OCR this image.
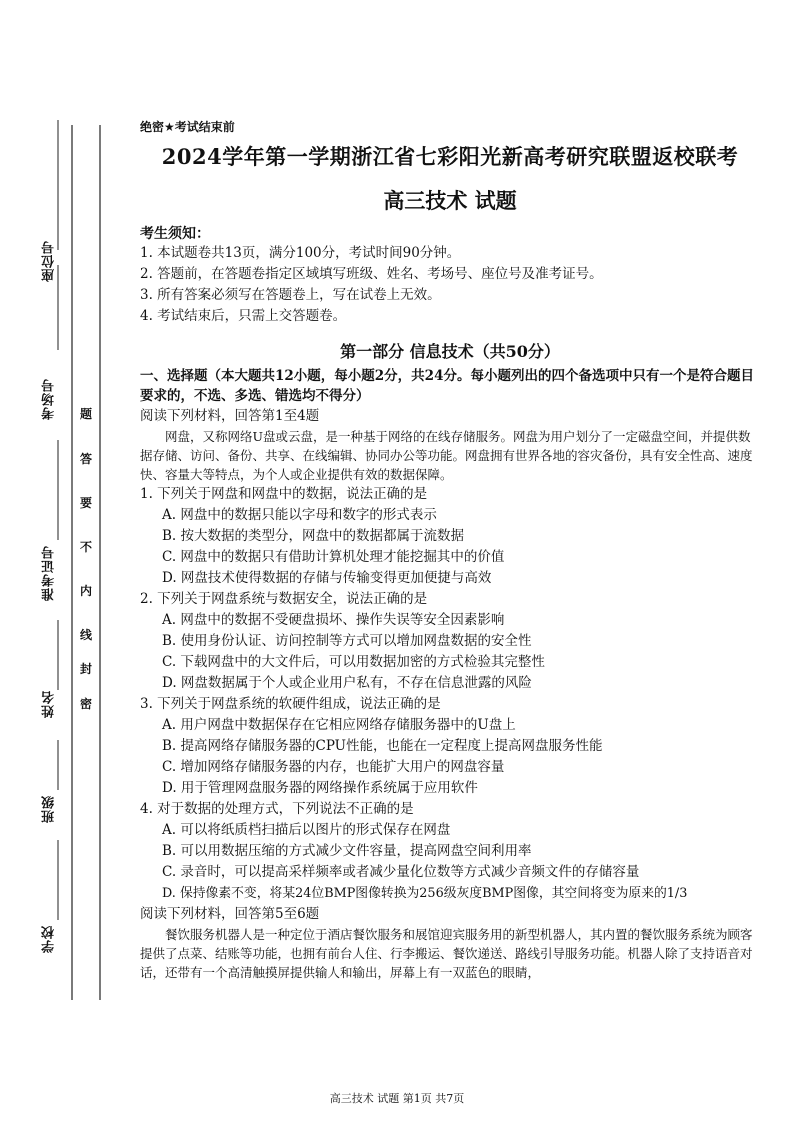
座位号
考场号
准考证号
姓名
班级
学校
题
答
要
不
内
线
封
密
绝密★考试结束前
2024学年第一学期浙江省七彩阳光新高考研究联盟返校联考
高三技术 试题
考生须知：

1. 本试题卷共13页，满分100分，考试时间90分钟。

2. 答题前，在答题卷指定区域填写班级、姓名、考场号、座位号及准考证号。

3. 所有答案必须写在答题卷上，写在试卷上无效。

4. 考试结束后，只需上交答题卷。

第一部分 信息技术（共50分）
一、选择题（本大题共12小题，每小题2分，共24分。每小题列出的四个备选项中只有一个是符合题目要求的，不选、多选、错选均不得分）

阅读下列材料，回答第1至4题

网盘，又称网络U盘或云盘，是一种基于网络的在线存储服务。网盘为用户划分了一定磁盘空间，并提供数据存储、访问、备份、共享、在线编辑、协同办公等功能。网盘拥有世界各地的容灾备份，具有安全性高、速度快、容量大等特点，为个人或企业提供有效的数据保障。

1. 下列关于网盘和网盘中的数据，说法正确的是

A. 网盘中的数据只能以字母和数字的形式表示

B. 按大数据的类型分，网盘中的数据都属于流数据

C. 网盘中的数据只有借助计算机处理才能挖掘其中的价值

D. 网盘技术使得数据的存储与传输变得更加便捷与高效

2. 下列关于网盘系统与数据安全，说法正确的是

A. 网盘中的数据不受硬盘损坏、操作失误等安全因素影响

B. 使用身份认证、访问控制等方式可以增加网盘数据的安全性

C. 下载网盘中的大文件后，可以用数据加密的方式检验其完整性

D. 网盘数据属于个人或企业用户私有，不存在信息泄露的风险

3. 下列关于网盘系统的软硬件组成，说法正确的是

A. 用户网盘中数据保存在它相应网络存储服务器中的U盘上

B. 提高网络存储服务器的CPU性能，也能在一定程度上提高网盘服务性能

C. 增加网络存储服务器的内存，也能扩大用户的网盘容量

D. 用于管理网盘服务器的网络操作系统属于应用软件

4. 对于数据的处理方式，下列说法不正确的是

A. 可以将纸质档扫描后以图片的形式保存在网盘

B. 可以用数据压缩的方式减少文件容量，提高网盘空间利用率

C. 录音时，可以提高采样频率或者减少量化位数等方式减少音频文件的存储容量

D. 保持像素不变，将某24位BMP图像转换为256级灰度BMP图像，其空间将变为原来的1/3

阅读下列材料，回答第5至6题

餐饮服务机器人是一种定位于酒店餐饮服务和展馆迎宾服务用的新型机器人，其内置的餐饮服务系统为顾客提供了点菜、结账等功能，也拥有前台人住、行李搬运、餐饮递送、路线引导服务功能。机器人除了支持语音对话，还带有一个高清触摸屏提供输人和输出，屏幕上有一双蓝色的眼睛，

高三技术 试题 第1页 共7页
